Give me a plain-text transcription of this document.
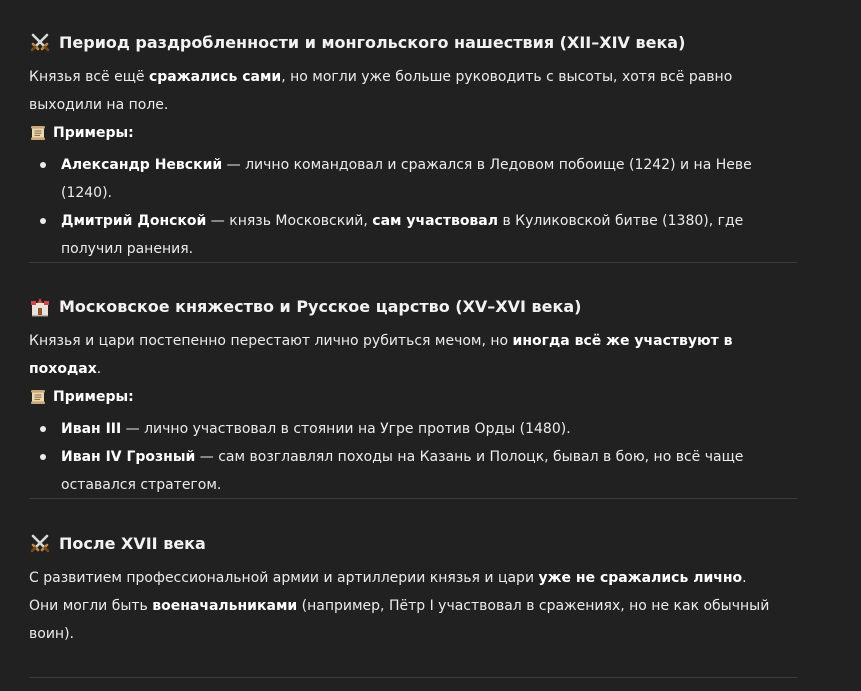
Период раздробленности и монгольского нашествия (XII–XIV века)

Князья всё ещё сражались сами, но могли уже больше руководить с высоты, хотя всё равно выходили на поле.

Примеры:
Александр Невский — лично командовал и сражался в Ледовом побоище (1242) и на Неве (1240).
Дмитрий Донской — князь Московский, сам участвовал в Куликовской битве (1380), где получил ранения.
Московское княжество и Русское царство (XV–XVI века)

Князья и цари постепенно перестают лично рубиться мечом, но иногда всё же участвуют в походах.

Примеры:
Иван III — лично участвовал в стоянии на Угре против Орды (1480).
Иван IV Грозный — сам возглавлял походы на Казань и Полоцк, бывал в бою, но всё чаще оставался стратегом.
После XVII века

С развитием профессиональной армии и артиллерии князья и цари уже не сражались лично.
Они могли быть военачальниками (например, Пётр I участвовал в сражениях, но не как обычный воин).
